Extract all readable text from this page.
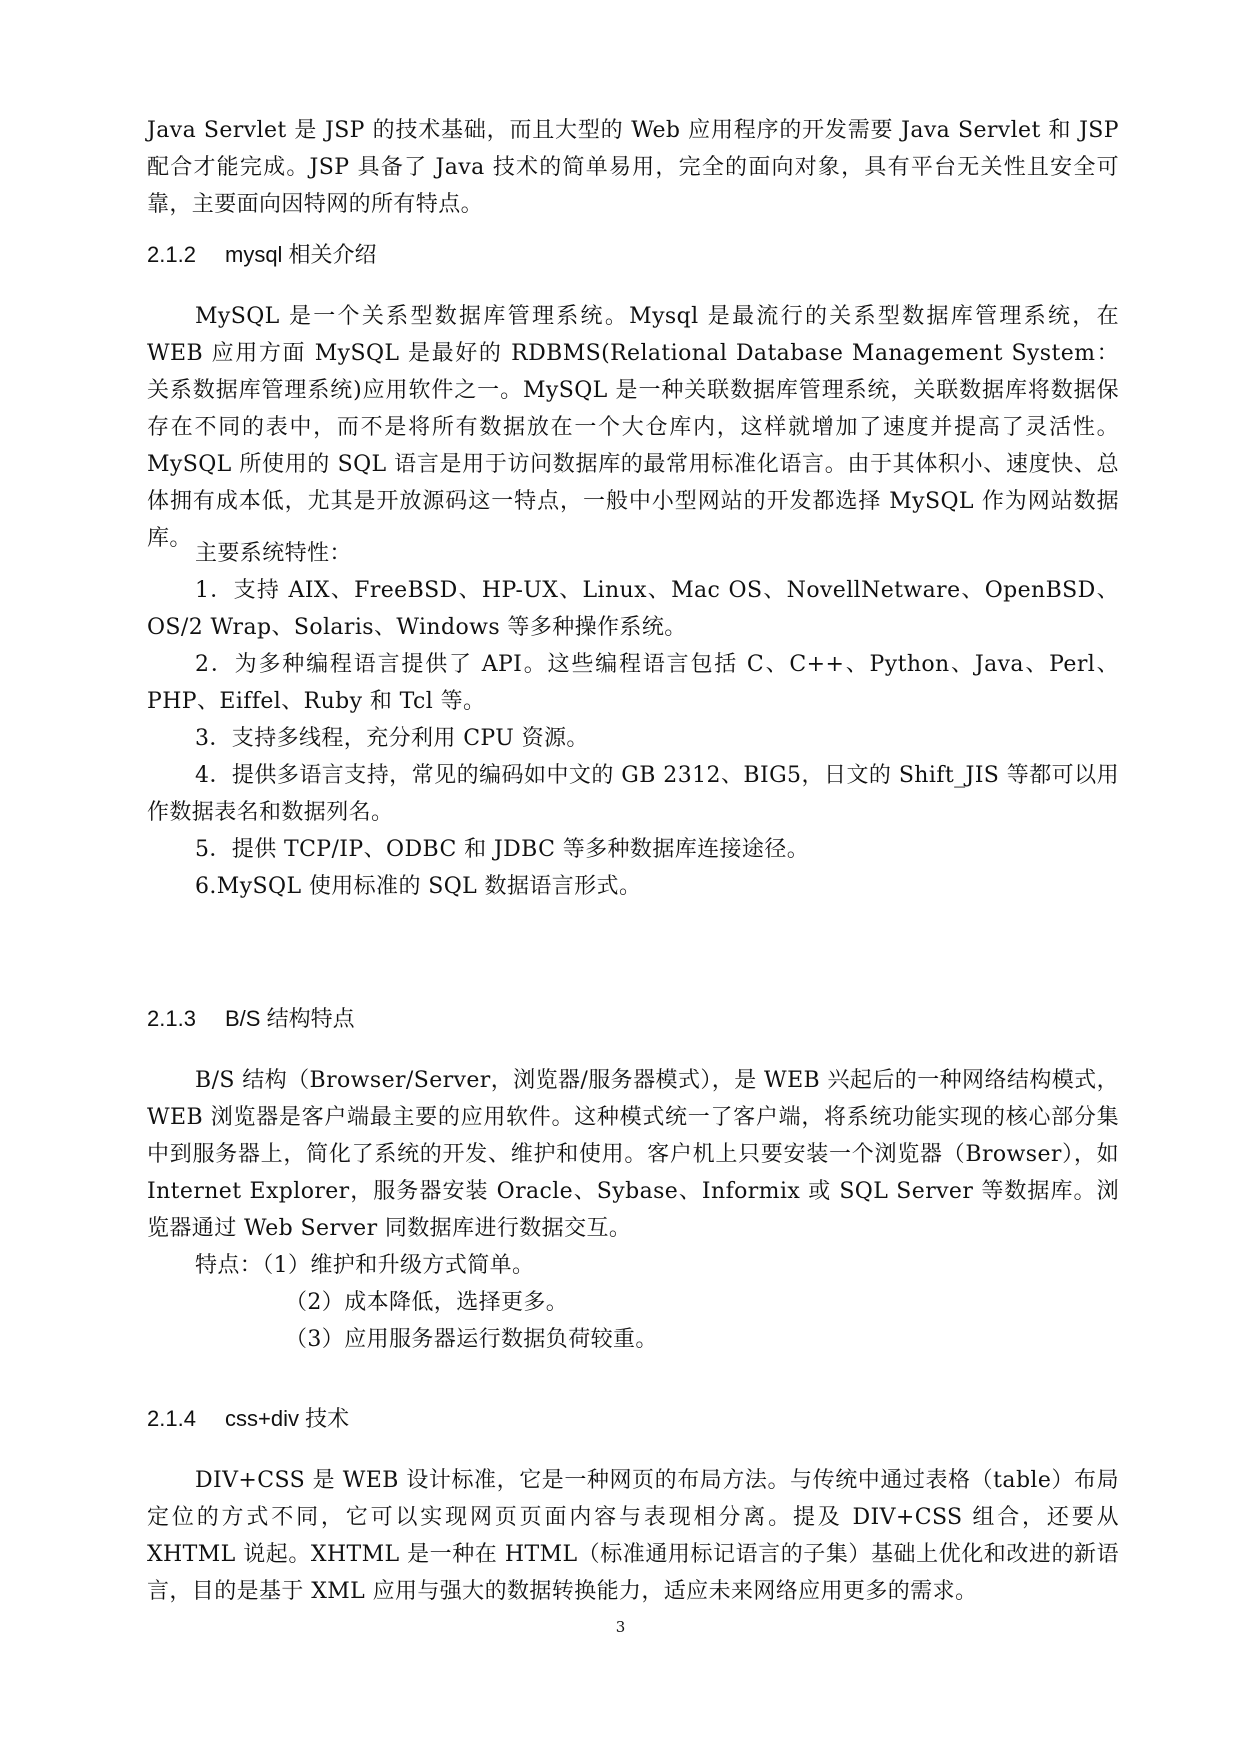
Java Servlet 是 JSP 的技术基础，而且大型的 Web 应用程序的开发需要 Java Servlet 和 JSP 配合才能完成。JSP 具备了 Java 技术的简单易用，完全的面向对象，具有平台无关性且安全可靠，主要面向因特网的所有特点。

2.1.2 mysql 相关介绍

MySQL 是一个关系型数据库管理系统。Mysql 是最流行的关系型数据库管理系统，在 WEB 应用方面 MySQL 是最好的 RDBMS(Relational Database Management System：关系数据库管理系统)应用软件之一。MySQL 是一种关联数据库管理系统，关联数据库将数据保存在不同的表中，而不是将所有数据放在一个大仓库内，这样就增加了速度并提高了灵活性。MySQL 所使用的 SQL 语言是用于访问数据库的最常用标准化语言。由于其体积小、速度快、总体拥有成本低，尤其是开放源码这一特点，一般中小型网站的开发都选择 MySQL 作为网站数据库。

主要系统特性：

1．支持 AIX、FreeBSD、HP-UX、Linux、Mac OS、NovellNetware、OpenBSD、OS/2 Wrap、Solaris、Windows 等多种操作系统。

2．为多种编程语言提供了 API。这些编程语言包括 C、C++、Python、Java、Perl、PHP、Eiffel、Ruby 和 Tcl 等。

3．支持多线程，充分利用 CPU 资源。

4．提供多语言支持，常见的编码如中文的 GB 2312、BIG5，日文的 Shift_JIS 等都可以用作数据表名和数据列名。

5．提供 TCP/IP、ODBC 和 JDBC 等多种数据库连接途径。

6.MySQL 使用标准的 SQL 数据语言形式。

2.1.3 B/S 结构特点

B/S 结构（Browser/Server，浏览器/服务器模式），是 WEB 兴起后的一种网络结构模式，WEB 浏览器是客户端最主要的应用软件。这种模式统一了客户端，将系统功能实现的核心部分集中到服务器上，简化了系统的开发、维护和使用。客户机上只要安装一个浏览器（Browser），如 Internet Explorer，服务器安装 Oracle、Sybase、Informix 或 SQL Server 等数据库。浏览器通过 Web Server 同数据库进行数据交互。

特点：（1）维护和升级方式简单。

（2）成本降低，选择更多。

（3）应用服务器运行数据负荷较重。

2.1.4 css+div 技术

DIV+CSS 是 WEB 设计标准，它是一种网页的布局方法。与传统中通过表格（table）布局定位的方式不同，它可以实现网页页面内容与表现相分离。提及 DIV+CSS 组合，还要从 XHTML 说起。XHTML 是一种在 HTML（标准通用标记语言的子集）基础上优化和改进的新语言，目的是基于 XML 应用与强大的数据转换能力，适应未来网络应用更多的需求。

3
